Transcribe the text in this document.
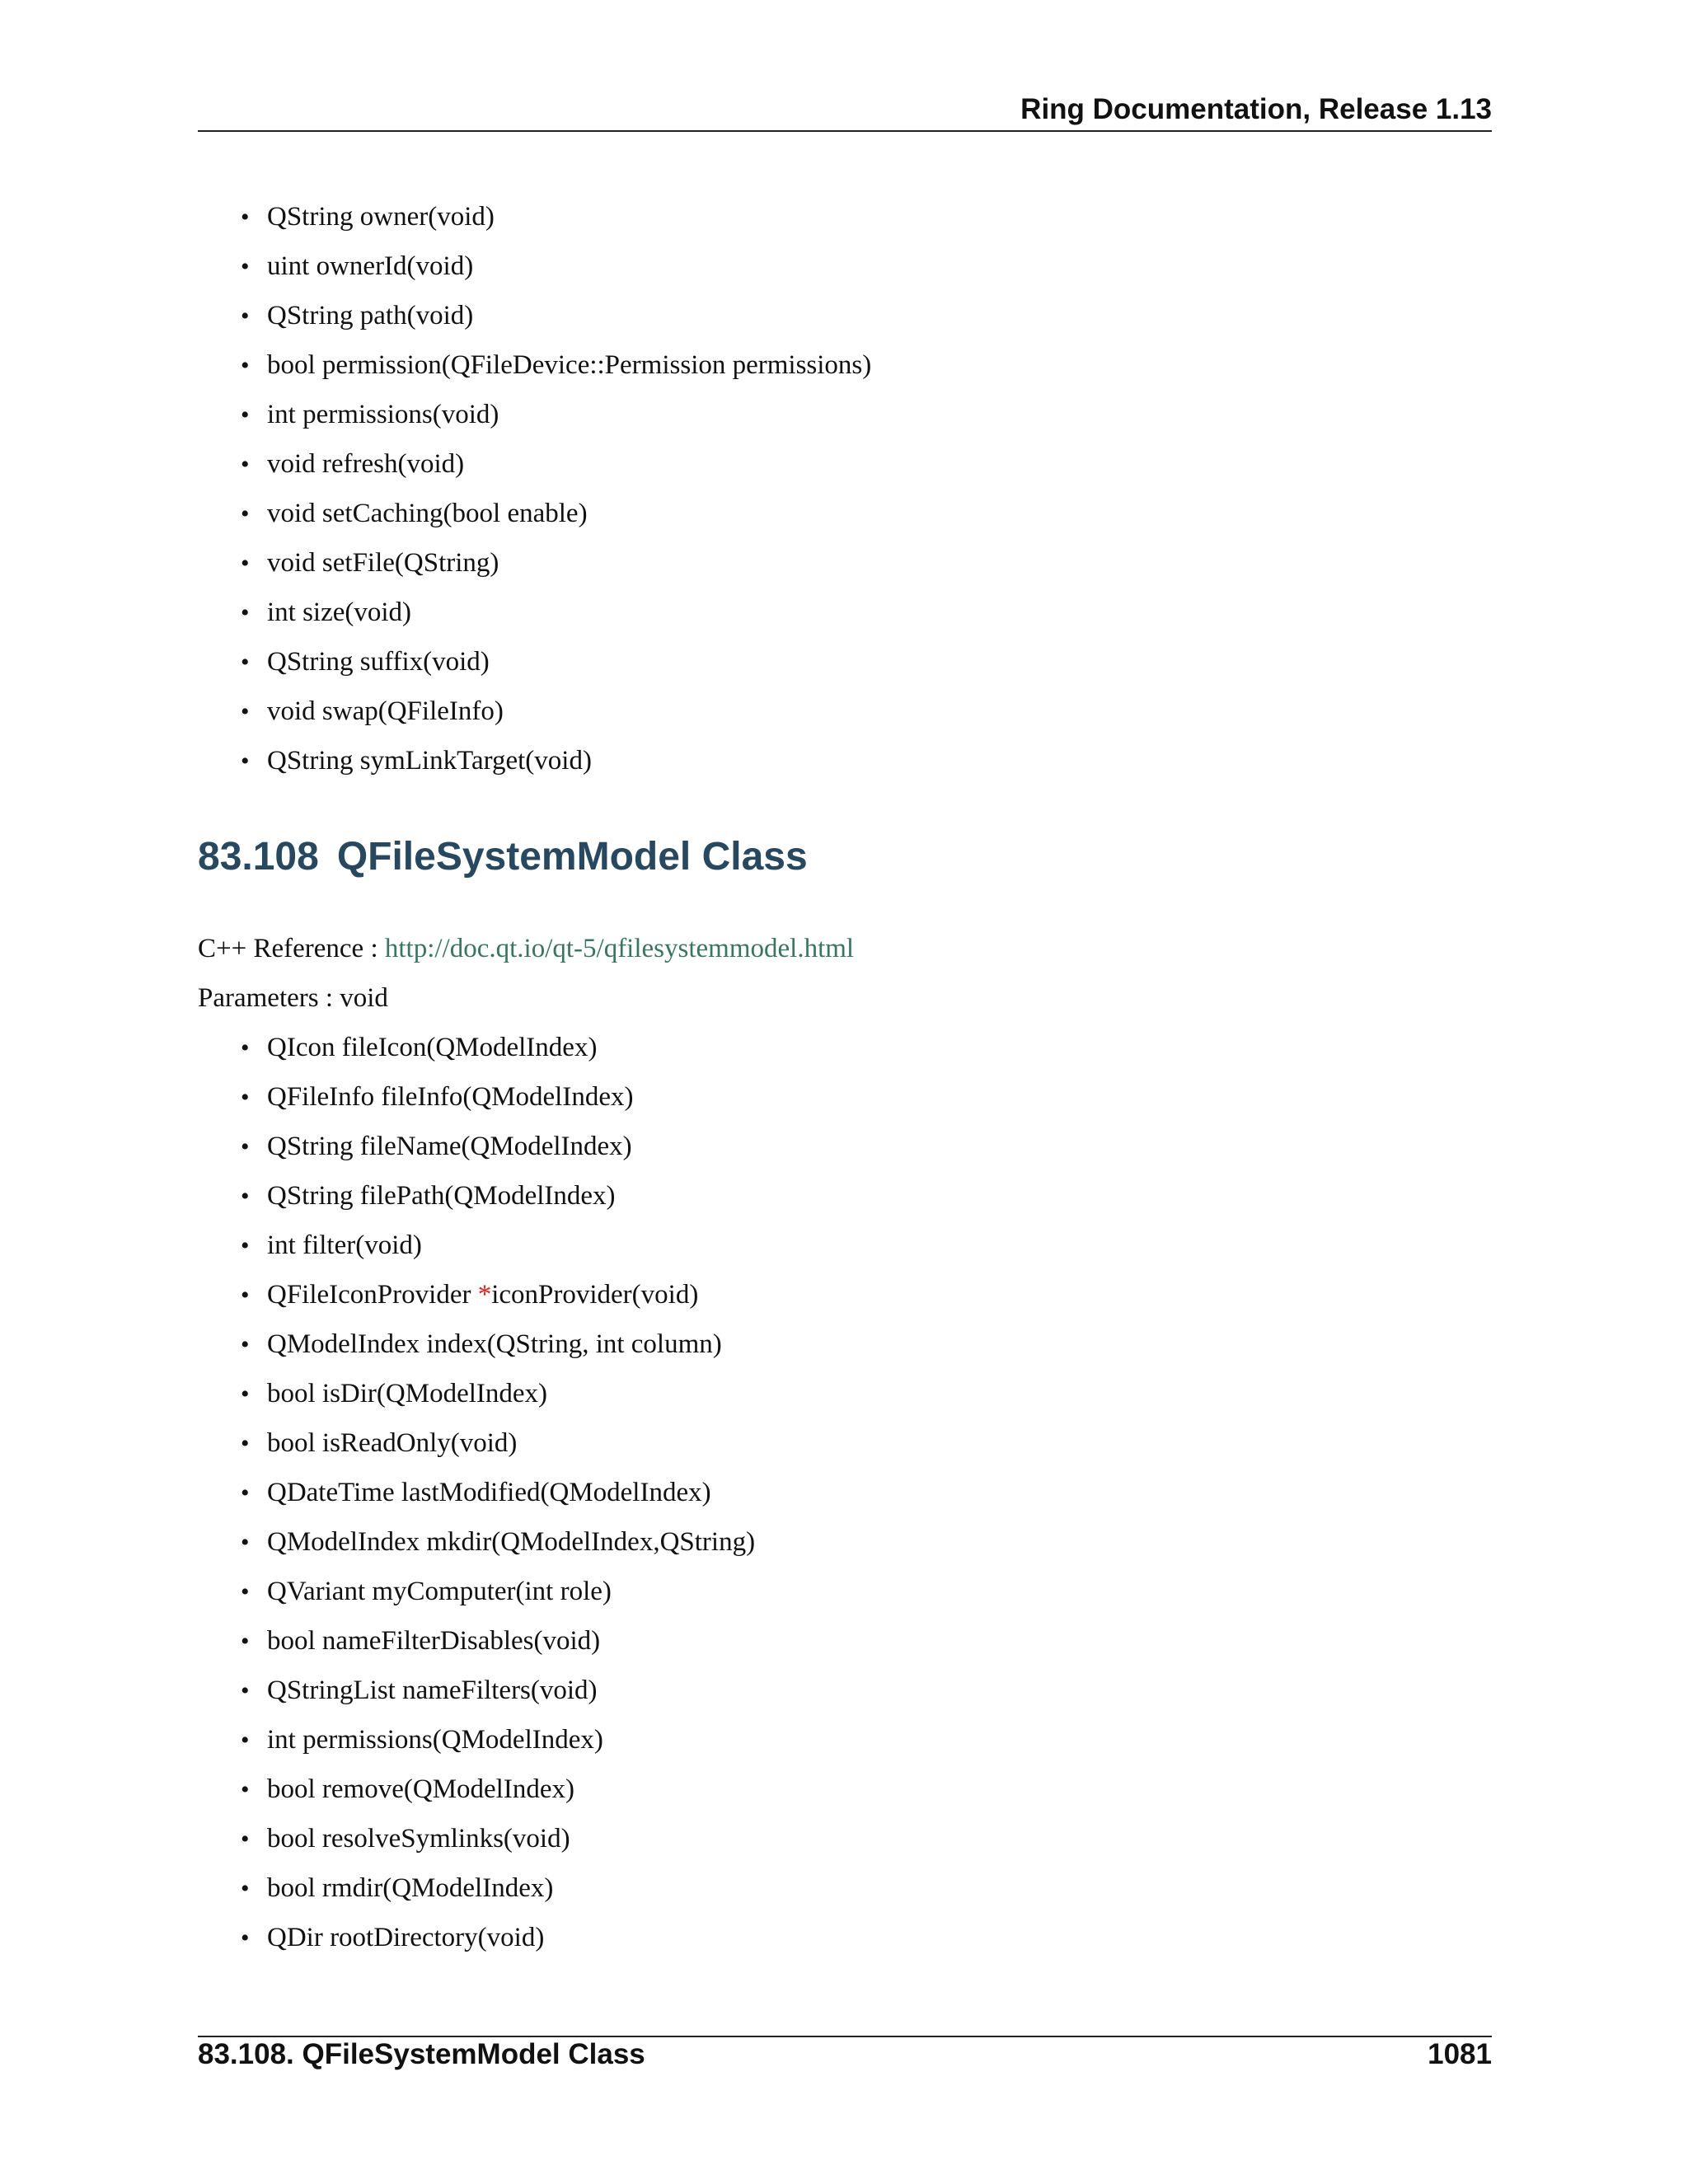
Ring Documentation, Release 1.13
• QString owner(void)
• uint ownerId(void)
• QString path(void)
• bool permission(QFileDevice::Permission permissions)
• int permissions(void)
• void refresh(void)
• void setCaching(bool enable)
• void setFile(QString)
• int size(void)
• QString suffix(void)
• void swap(QFileInfo)
• QString symLinkTarget(void)
83.108 QFileSystemModel Class
C++ Reference : http://doc.qt.io/qt-5/qfilesystemmodel.html
Parameters : void
• QIcon fileIcon(QModelIndex)
• QFileInfo fileInfo(QModelIndex)
• QString fileName(QModelIndex)
• QString filePath(QModelIndex)
• int filter(void)
• QFileIconProvider *iconProvider(void)
• QModelIndex index(QString, int column)
• bool isDir(QModelIndex)
• bool isReadOnly(void)
• QDateTime lastModified(QModelIndex)
• QModelIndex mkdir(QModelIndex,QString)
• QVariant myComputer(int role)
• bool nameFilterDisables(void)
• QStringList nameFilters(void)
• int permissions(QModelIndex)
• bool remove(QModelIndex)
• bool resolveSymlinks(void)
• bool rmdir(QModelIndex)
• QDir rootDirectory(void)
83.108. QFileSystemModel Class	1081
